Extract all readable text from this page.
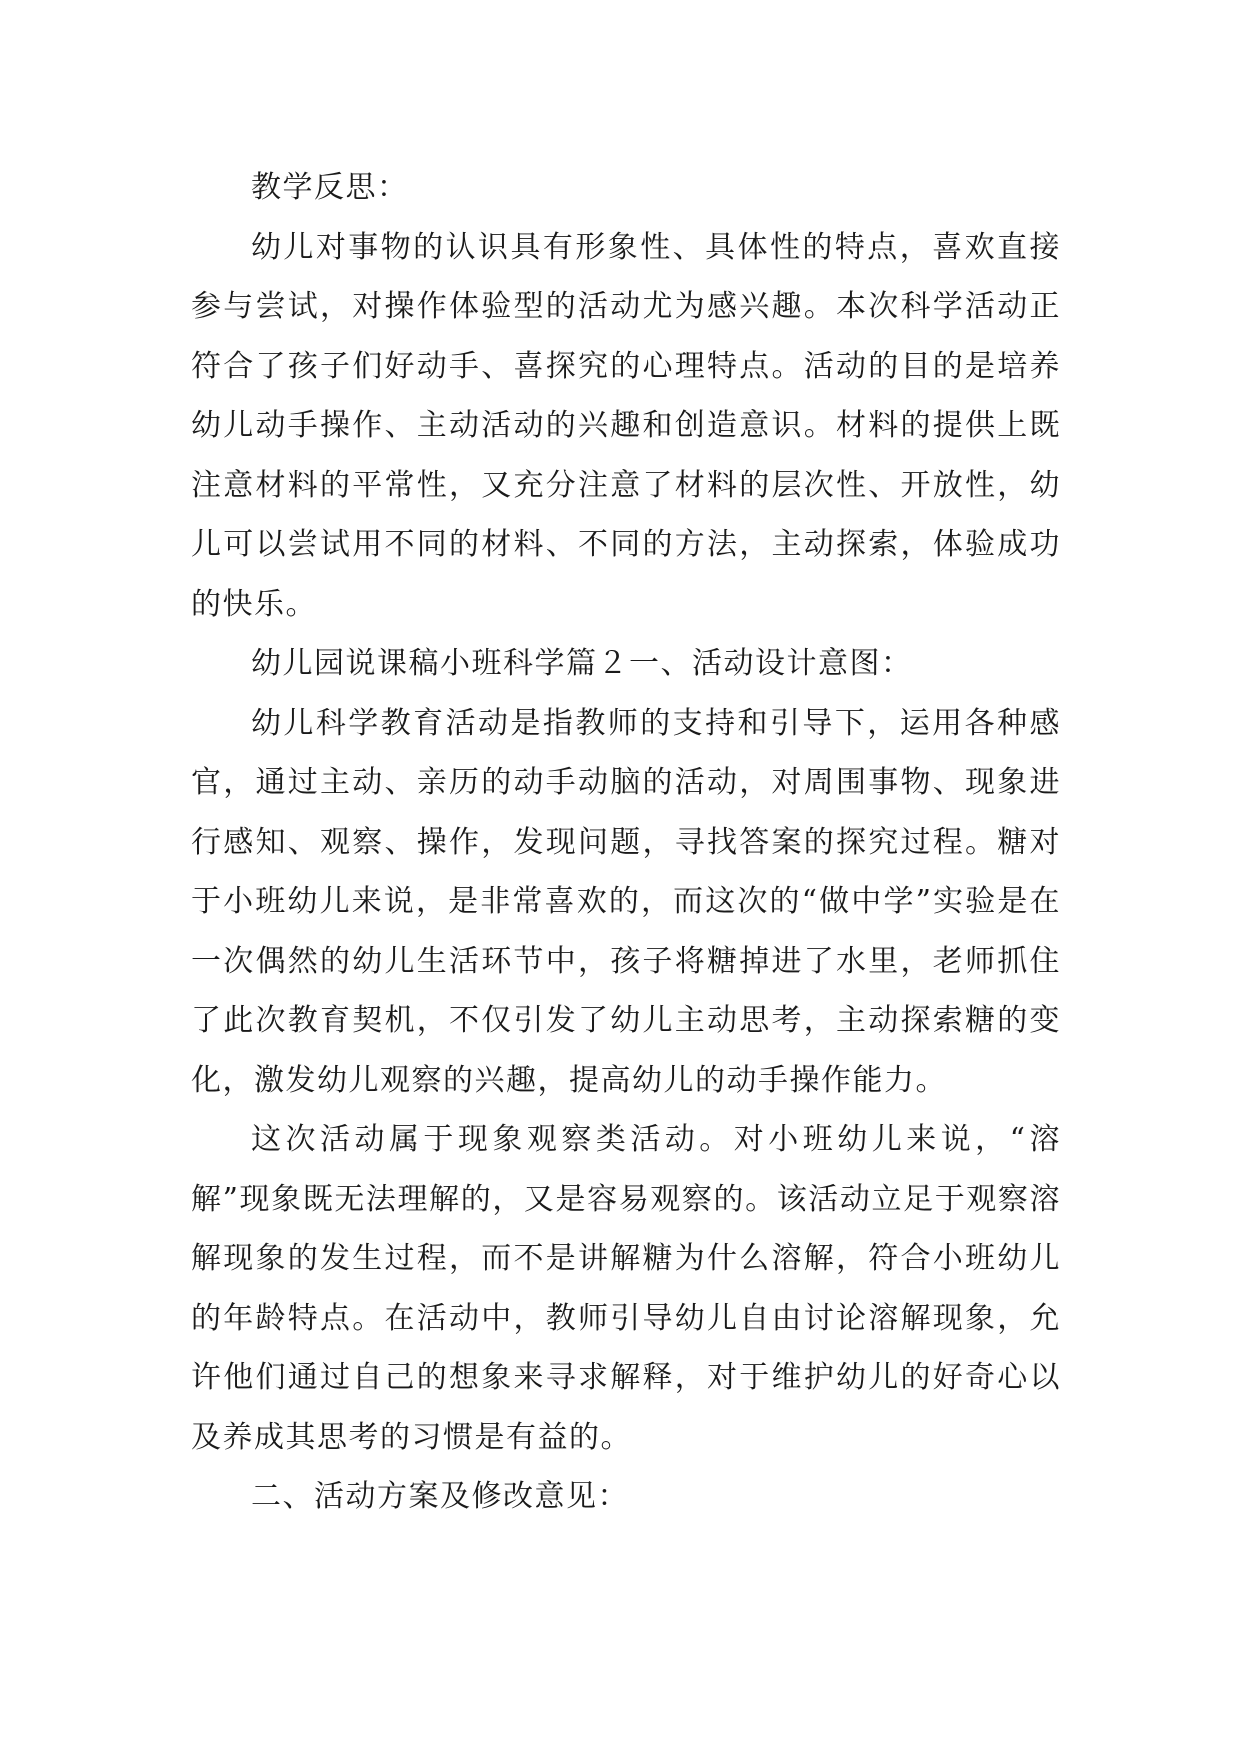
教学反思：

幼儿对事物的认识具有形象性、具体性的特点，喜欢直接参与尝试，对操作体验型的活动尤为感兴趣。本次科学活动正符合了孩子们好动手、喜探究的心理特点。活动的目的是培养幼儿动手操作、主动活动的兴趣和创造意识。材料的提供上既注意材料的平常性，又充分注意了材料的层次性、开放性，幼儿可以尝试用不同的材料、不同的方法，主动探索，体验成功的快乐。

幼儿园说课稿小班科学篇２一、活动设计意图：

幼儿科学教育活动是指教师的支持和引导下，运用各种感官，通过主动、亲历的动手动脑的活动，对周围事物、现象进行感知、观察、操作，发现问题，寻找答案的探究过程。糖对于小班幼儿来说，是非常喜欢的，而这次的“做中学”实验是在一次偶然的幼儿生活环节中，孩子将糖掉进了水里，老师抓住了此次教育契机，不仅引发了幼儿主动思考，主动探索糖的变化，激发幼儿观察的兴趣，提高幼儿的动手操作能力。

这次活动属于现象观察类活动。对小班幼儿来说，“溶解”现象既无法理解的，又是容易观察的。该活动立足于观察溶解现象的发生过程，而不是讲解糖为什么溶解，符合小班幼儿的年龄特点。在活动中，教师引导幼儿自由讨论溶解现象，允许他们通过自己的想象来寻求解释，对于维护幼儿的好奇心以及养成其思考的习惯是有益的。

二、活动方案及修改意见：
